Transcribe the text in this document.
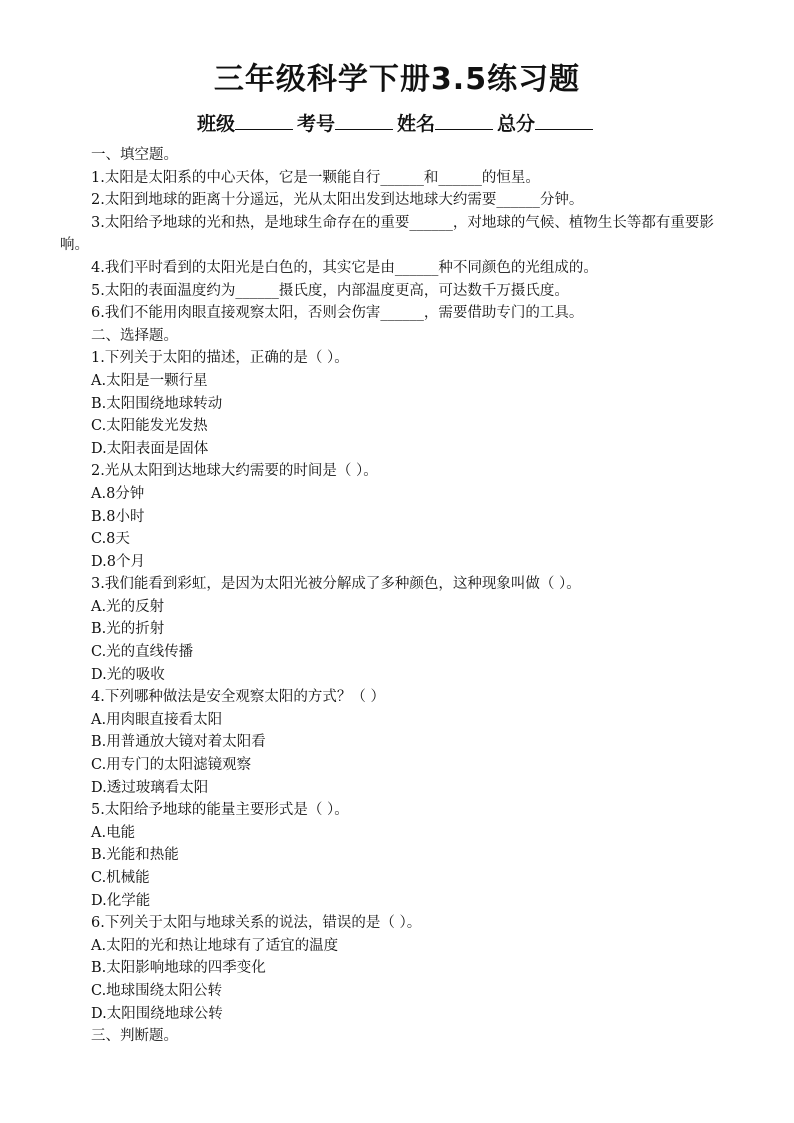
三年级科学下册3.5练习题
班级	考号	姓名	总分
一、填空题。
1.太阳是太阳系的中心天体，它是一颗能自行______和______的恒星。
2.太阳到地球的距离十分遥远，光从太阳出发到达地球大约需要______分钟。
3.太阳给予地球的光和热，是地球生命存在的重要______，对地球的气候、植物生长等都有重要影响。
4.我们平时看到的太阳光是白色的，其实它是由______种不同颜色的光组成的。
5.太阳的表面温度约为______摄氏度，内部温度更高，可达数千万摄氏度。
6.我们不能用肉眼直接观察太阳，否则会伤害______，需要借助专门的工具。
二、选择题。
1.下列关于太阳的描述，正确的是（ ）。
A.太阳是一颗行星
B.太阳围绕地球转动
C.太阳能发光发热
D.太阳表面是固体
2.光从太阳到达地球大约需要的时间是（ ）。
A.8分钟
B.8小时
C.8天
D.8个月
3.我们能看到彩虹，是因为太阳光被分解成了多种颜色，这种现象叫做（ ）。
A.光的反射
B.光的折射
C.光的直线传播
D.光的吸收
4.下列哪种做法是安全观察太阳的方式？（ ）
A.用肉眼直接看太阳
B.用普通放大镜对着太阳看
C.用专门的太阳滤镜观察
D.透过玻璃看太阳
5.太阳给予地球的能量主要形式是（ ）。
A.电能
B.光能和热能
C.机械能
D.化学能
6.下列关于太阳与地球关系的说法，错误的是（ ）。
A.太阳的光和热让地球有了适宜的温度
B.太阳影响地球的四季变化
C.地球围绕太阳公转
D.太阳围绕地球公转
三、判断题。
